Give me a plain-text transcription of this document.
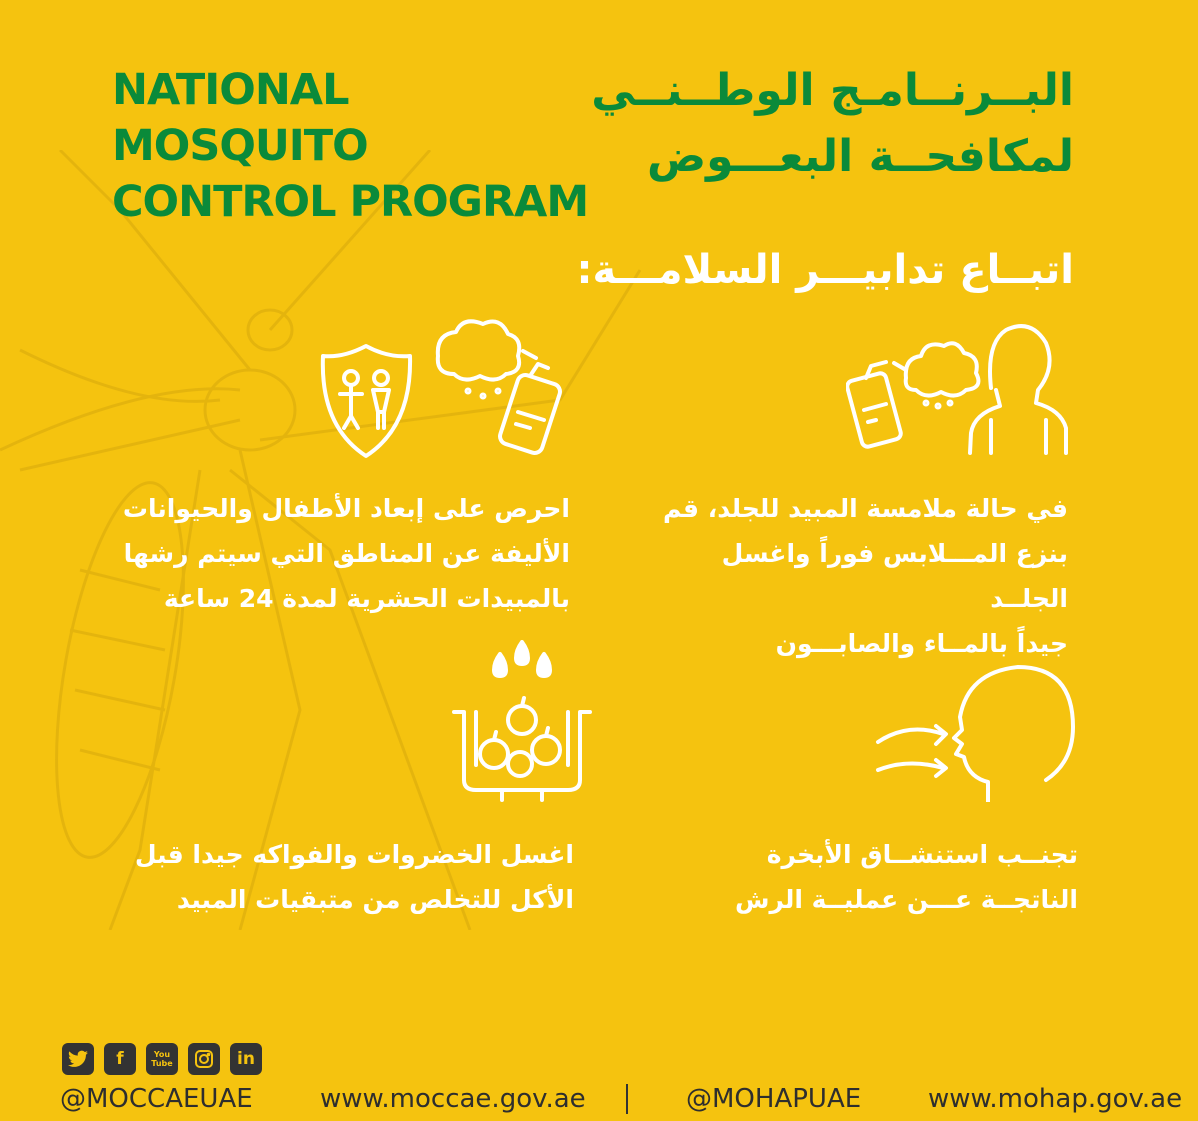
NATIONAL MOSQUITO
CONTROL PROGRAM
البــرنــامـج الوطــنــي
لمكافحــة البعـــوض
اتبــاع تدابيـــر السلامـــة:
في حالة ملامسة المبيد للجلد، قم
بنزع المـــلابس فوراً واغسل الجلــد
جيداً بالمــاء والصابـــون
احرص على إبعاد الأطفال والحيوانات
الأليفة عن المناطق التي سيتم رشها
بالمبيدات الحشرية لمدة 24 ساعة
تجنــب استنشــاق الأبخرة
الناتجــة عـــن عمليــة الرش
اغسل الخضروات والفواكه جيدا قبل
الأكل للتخلص من متبقيات المبيد
f	You Tube	in
@MOCCAEUAE	www.moccae.gov.ae	@MOHAPUAE	www.mohap.gov.ae
